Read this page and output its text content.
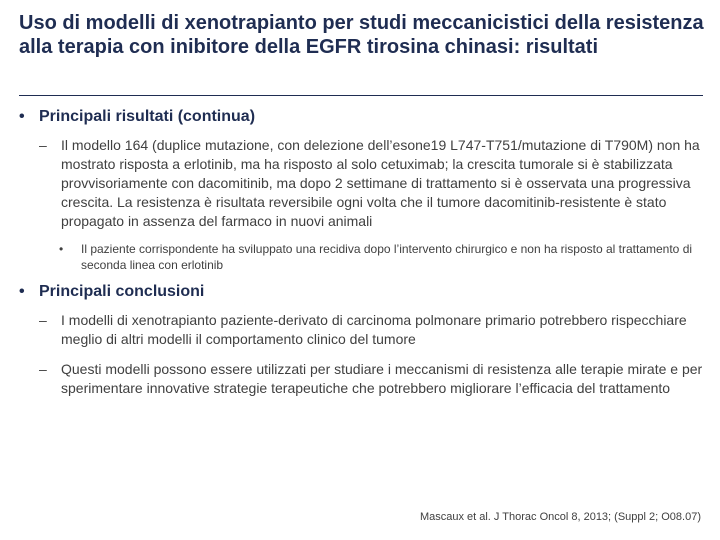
Uso di modelli di xenotrapianto per studi meccanicistici della resistenza alla terapia con inibitore della EGFR tirosina chinasi: risultati
• Principali risultati (continua)
– Il modello 164 (duplice mutazione, con delezione dell’esone19 L747-T751/mutazione di T790M) non ha mostrato risposta a erlotinib, ma ha risposto al solo cetuximab; la crescita tumorale si è stabilizzata provvisoriamente con dacomitinib, ma dopo 2 settimane di trattamento si è osservata una progressiva crescita. La resistenza è risultata reversibile ogni volta che il tumore dacomitinib-resistente è stato propagato in assenza del farmaco in nuovi animali
• Il paziente corrispondente ha sviluppato una recidiva dopo l’intervento chirurgico e non ha risposto al trattamento di seconda linea con erlotinib
• Principali conclusioni
– I modelli di xenotrapianto paziente-derivato di carcinoma polmonare primario potrebbero rispecchiare meglio di altri modelli il comportamento clinico del tumore
– Questi modelli possono essere utilizzati per studiare i meccanismi di resistenza alle terapie mirate e per sperimentare innovative strategie terapeutiche che potrebbero migliorare l’efficacia del trattamento
Mascaux et al. J Thorac Oncol 8, 2013; (Suppl 2; O08.07)
